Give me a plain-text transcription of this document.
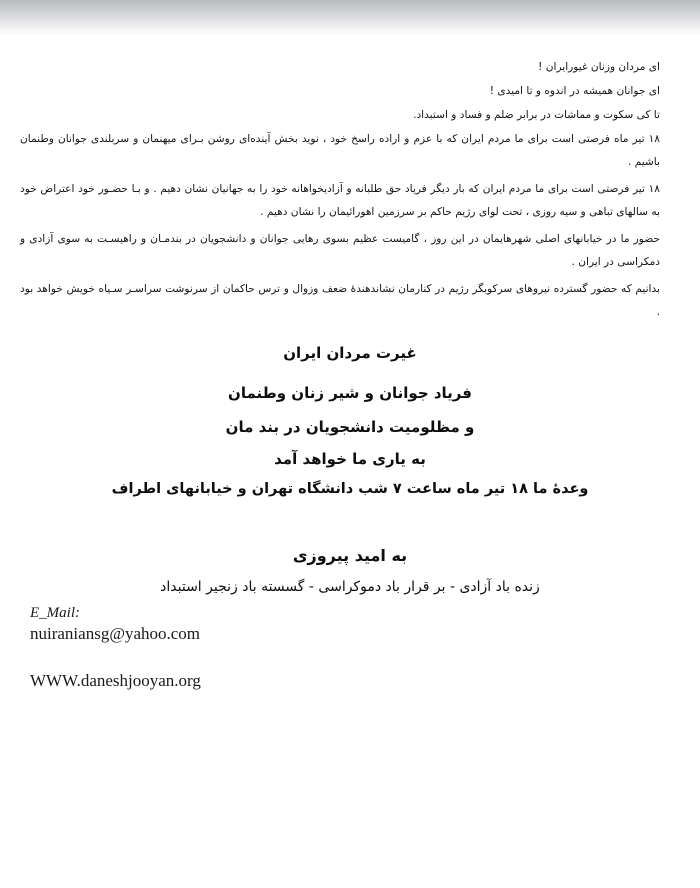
ای مردان وزنان غیورایران !

ای جوانان همیشه در اندوه و تا امیدی !

تا کی سکوت و مماشات در برابر ضلم و فساد و استبداد.

۱۸ تیر ماه فرصتی است برای ما مردم ایران که با عزم و اراده راسخ خود ، نوید بخش آینده‌ای روشن بـرای میهنمان و سربلندی جوانان وطنمان باشیم .

۱۸ تیر فرصتی است برای ما مردم ایران که بار دیگر فریاد حق طلبانه و آزادیخواهانه خود را به جهانیان نشان دهیم . و بـا حضـور خود اعتراض خود به سالهای تباهی و سیه روزی ، تحت لوای رژیم حاکم بر سرزمین اهورائیمان را نشان دهیم .

حضور ما در خیابانهای اصلی شهرهایمان در این روز ، گامیست عظیم بسوی رهایی جوانان و دانشجویان در بندمـان و راهیسـت به سوی آزادی و دمکراسی در ایران .

بدانیم که حضور گسترده نیروهای سرکوبگر رژیم در کنارمان نشاندهندهٔ ضعف وزوال و ترس حاکمان از سرنوشت سراسـر سـیاه خویش خواهد بود .

غیرت مردان ایران

فریاد جوانان و شیر زنان وطنمان

و مظلومیت دانشجویان در بند مان

به یاری ما خواهد آمد

وعدهٔ ما ۱۸ تیر ماه ساعت ۷ شب دانشگاه تهران و خیابانهای اطراف

به امید پیروزی

زنده باد آزادی - بر قرار باد دموکراسی - گسسته باد زنجیر استبداد

E_Mail:

nuiraniansg@yahoo.com

WWW.daneshjooyan.org
